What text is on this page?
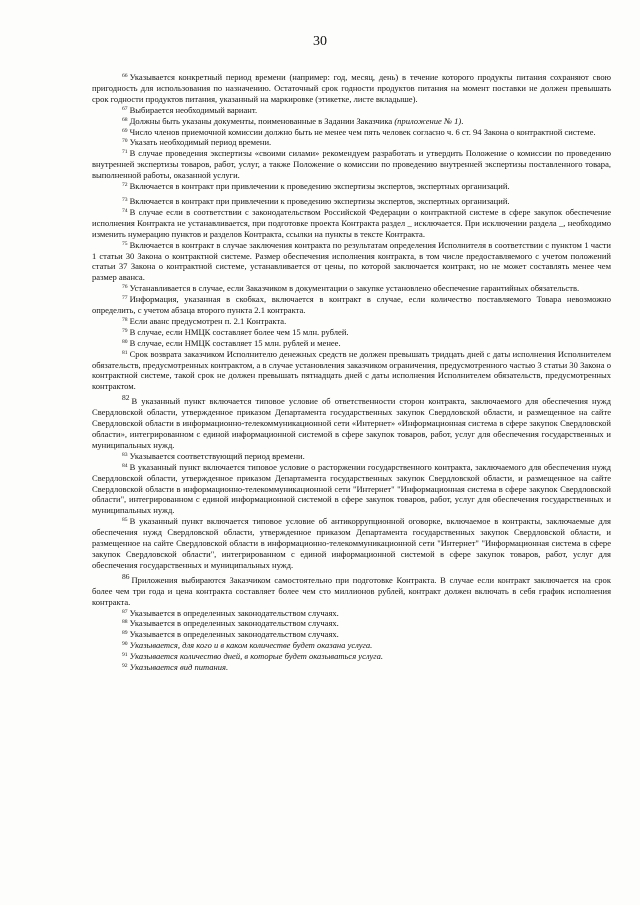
30

$^{66}$ Указывается конкретный период времени (например: год, месяц, день) в течение которого продукты питания сохраняют свою пригодность для использования по назначению. Остаточный срок годности продуктов питания на момент поставки не должен превышать срок годности продуктов питания, указанный на маркировке (этикетке, листе вкладыше).

$^{67}$ Выбирается необходимый вариант.

$^{68}$ Должны быть указаны документы, поименованные в Задании Заказчика (приложение № 1).

$^{69}$ Число членов приемочной комиссии должно быть не менее чем пять человек согласно ч. 6 ст. 94 Закона о контрактной системе.

$^{70}$ Указать необходимый период времени.

$^{71}$ В случае проведения экспертизы «своими силами» рекомендуем разработать и утвердить Положение о комиссии по проведению внутренней экспертизы товаров, работ, услуг, а также Положение о комиссии по проведению внутренней экспертизы поставленного товара, выполненной работы, оказанной услуги.

$^{72}$ Включается в контракт при привлечении к проведению экспертизы экспертов, экспертных организаций.

$^{73}$ Включается в контракт при привлечении к проведению экспертизы экспертов, экспертных организаций.

$^{74}$ В случае если в соответствии с законодательством Российской Федерации о контрактной системе в сфере закупок обеспечение исполнения Контракта не устанавливается, при подготовке проекта Контракта раздел _ исключается. При исключении раздела _, необходимо изменить нумерацию пунктов и разделов Контракта, ссылки на пункты в тексте Контракта.

$^{75}$ Включается в контракт в случае заключения контракта по результатам определения Исполнителя в соответствии с пунктом 1 части 1 статьи 30 Закона о контрактной системе. Размер обеспечения исполнения контракта, в том числе предоставляемого с учетом положений статьи 37 Закона о контрактной системе, устанавливается от цены, по которой заключается контракт, но не может составлять менее чем размер аванса.

$^{76}$ Устанавливается в случае, если Заказчиком в документации о закупке установлено обеспечение гарантийных обязательств.

$^{77}$ Информация, указанная в скобках, включается в контракт в случае, если количество поставляемого Товара невозможно определить, с учетом абзаца второго пункта 2.1 контракта.

$^{78}$ Если аванс предусмотрен п. 2.1 Контракта.

$^{79}$ В случае, если НМЦК составляет более чем 15 млн. рублей.

$^{80}$ В случае, если НМЦК составляет 15 млн. рублей и менее.

$^{81}$ Срок возврата заказчиком Исполнителю денежных средств не должен превышать тридцать дней с даты исполнения Исполнителем обязательств, предусмотренных контрактом, а в случае установления заказчиком ограничения, предусмотренного частью 3 статьи 30 Закона о контрактной системе, такой срок не должен превышать пятнадцать дней с даты исполнения Исполнителем обязательств, предусмотренных контрактом.

$^{82}$ В указанный пункт включается типовое условие об ответственности сторон контракта, заключаемого для обеспечения нужд Свердловской области, утвержденное приказом Департамента государственных закупок Свердловской области, и размещенное на сайте Свердловской области в информационно-телекоммуникационной сети «Интернет» «Информационная система в сфере закупок Свердловской области», интегрированном с единой информационной системой в сфере закупок товаров, работ, услуг для обеспечения государственных и муниципальных нужд.

$^{83}$ Указывается соответствующий период времени.

$^{84}$ В указанный пункт включается типовое условие о расторжении государственного контракта, заключаемого для обеспечения нужд Свердловской области, утвержденное приказом Департамента государственных закупок Свердловской области, и размещенное на сайте Свердловской области в информационно-телекоммуникационной сети "Интернет" "Информационная система в сфере закупок Свердловской области", интегрированном с единой информационной системой в сфере закупок товаров, работ, услуг для обеспечения государственных и муниципальных нужд.

$^{85}$ В указанный пункт включается типовое условие об антикоррупционной оговорке, включаемое в контракты, заключаемые для обеспечения нужд Свердловской области, утвержденное приказом Департамента государственных закупок Свердловской области, и размещенное на сайте Свердловской области в информационно-телекоммуникационной сети "Интернет" "Информационная система в сфере закупок Свердловской области", интегрированном с единой информационной системой в сфере закупок товаров, работ, услуг для обеспечения государственных и муниципальных нужд.

$^{86}$ Приложения выбираются Заказчиком самостоятельно при подготовке Контракта. В случае если контракт заключается на срок более чем три года и цена контракта составляет более чем сто миллионов рублей, контракт должен включать в себя график исполнения контракта.

$^{87}$ Указывается в определенных законодательством случаях.

$^{88}$ Указывается в определенных законодательством случаях.

$^{89}$ Указывается в определенных законодательством случаях.

$^{90}$ Указывается, для кого и в каком количестве будет оказана услуга.

$^{91}$ Указывается количество дней, в которые будет оказываться услуга.

$^{92}$ Указывается вид питания.
